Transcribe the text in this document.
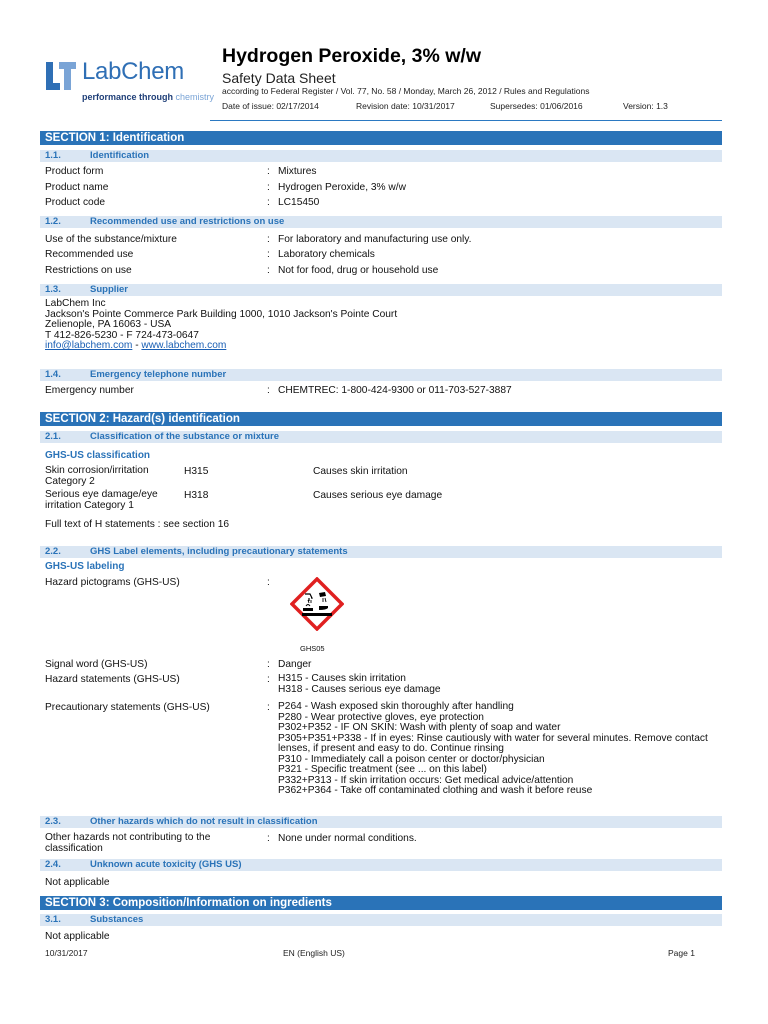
LabChem
performance through chemistry
Hydrogen Peroxide, 3% w/w
Safety Data Sheet
according to Federal Register / Vol. 77, No. 58 / Monday, March 26, 2012 / Rules and Regulations
Date of issue: 02/17/2014	Revision date: 10/31/2017	Supersedes: 01/06/2016	Version: 1.3
SECTION 1: Identification
1.1.	Identification
Product form	: Mixtures
Product name	: Hydrogen Peroxide, 3% w/w
Product code	: LC15450
1.2.	Recommended use and restrictions on use
Use of the substance/mixture	: For laboratory and manufacturing use only.
Recommended use	: Laboratory chemicals
Restrictions on use	: Not for food, drug or household use
1.3.	Supplier
LabChem Inc
Jackson's Pointe Commerce Park Building 1000, 1010 Jackson's Pointe Court
Zelienople, PA 16063 - USA
T 412-826-5230 - F 724-473-0647
info@labchem.com - www.labchem.com
1.4.	Emergency telephone number
Emergency number	: CHEMTREC: 1-800-424-9300 or 011-703-527-3887
SECTION 2: Hazard(s) identification
2.1.	Classification of the substance or mixture
GHS-US classification
Skin corrosion/irritation
Category 2
H315	Causes skin irritation
Serious eye damage/eye
irritation Category 1
H318	Causes serious eye damage
Full text of H statements : see section 16
2.2.	GHS Label elements, including precautionary statements
GHS-US labeling
Hazard pictograms (GHS-US)	:
GHS05
Signal word (GHS-US)	: Danger
Hazard statements (GHS-US)	: H315 - Causes skin irritation
H318 - Causes serious eye damage
Precautionary statements (GHS-US)	: P264 - Wash exposed skin thoroughly after handling
P280 - Wear protective gloves, eye protection
P302+P352 - IF ON SKIN: Wash with plenty of soap and water
P305+P351+P338 - If in eyes: Rinse cautiously with water for several minutes. Remove contact
lenses, if present and easy to do. Continue rinsing
P310 - Immediately call a poison center or doctor/physician
P321 - Specific treatment (see ... on this label)
P332+P313 - If skin irritation occurs: Get medical advice/attention
P362+P364 - Take off contaminated clothing and wash it before reuse
2.3.	Other hazards which do not result in classification
Other hazards not contributing to the
classification
: None under normal conditions.
2.4.	Unknown acute toxicity (GHS US)
Not applicable
SECTION 3: Composition/Information on ingredients
3.1.	Substances
Not applicable
10/31/2017	EN (English US)	Page 1
